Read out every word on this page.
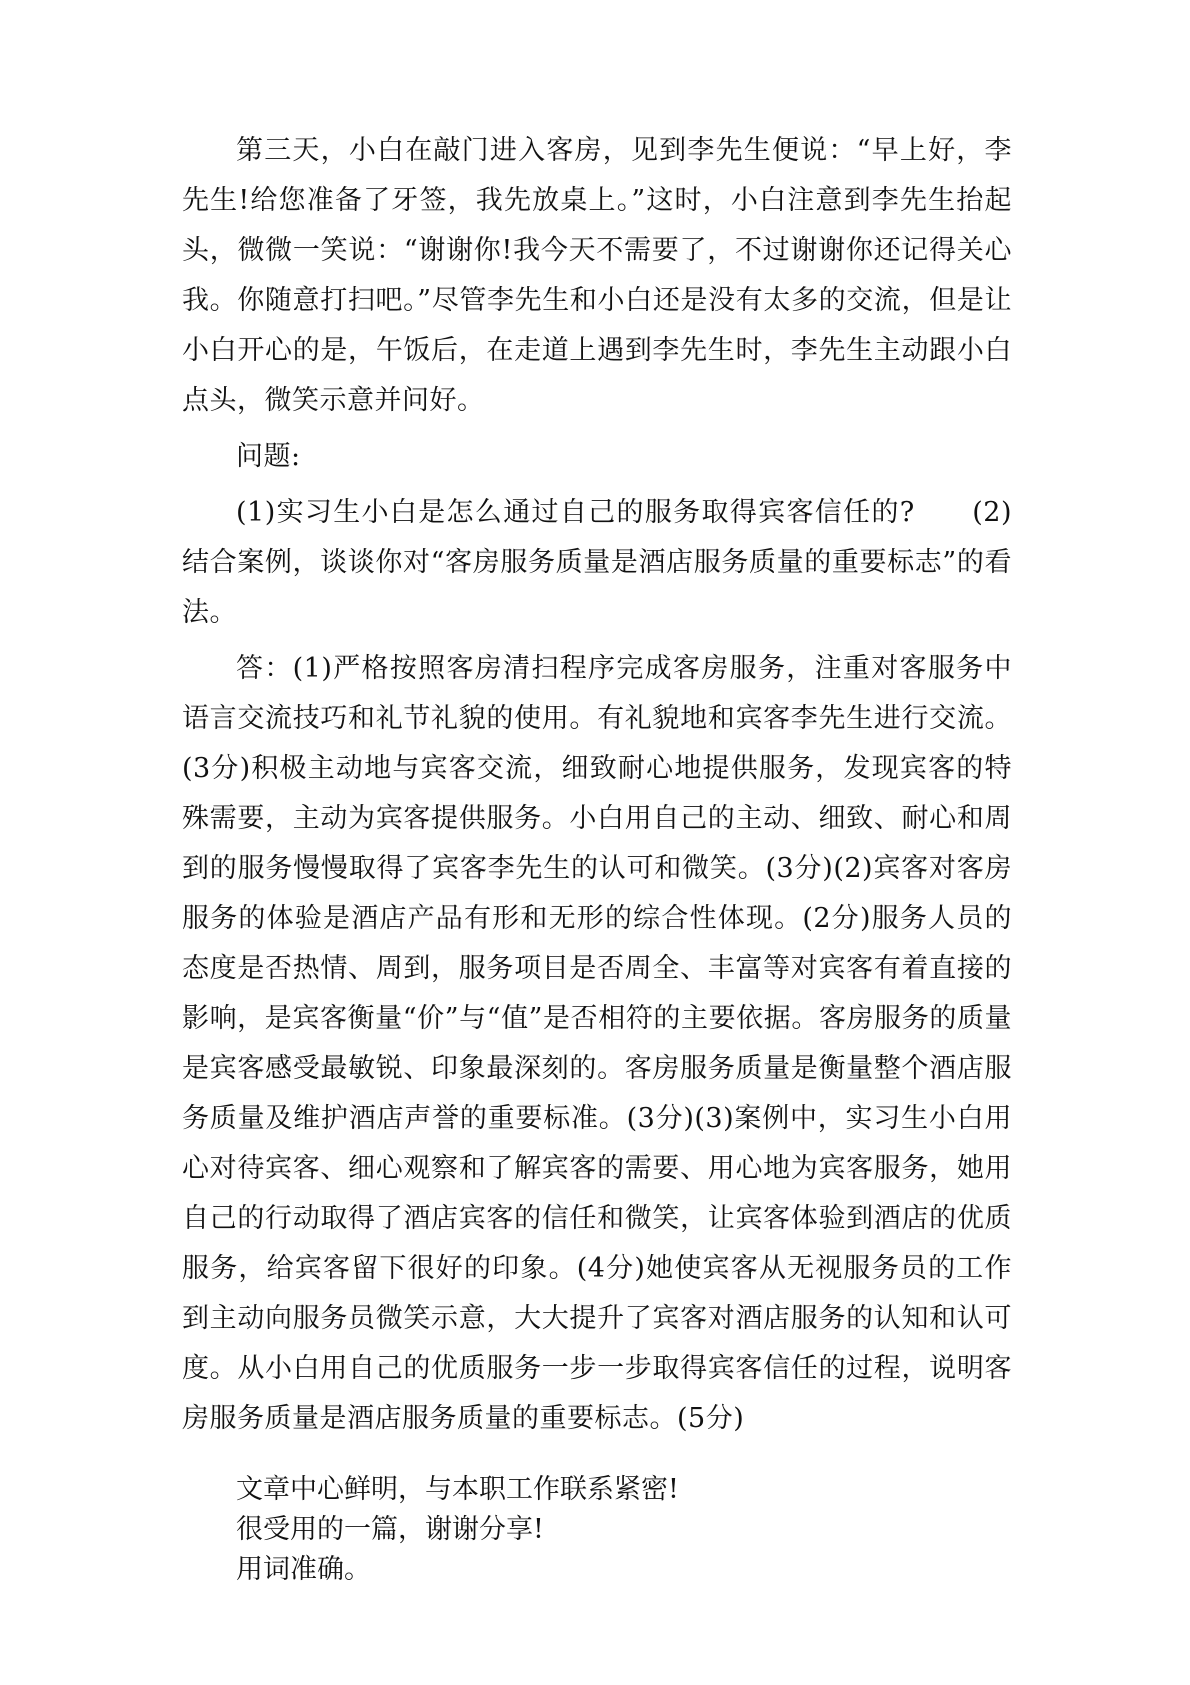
第三天，小白在敲门进入客房，见到李先生便说：“早上好，李先生!给您准备了牙签，我先放桌上。”这时，小白注意到李先生抬起头，微微一笑说：“谢谢你!我今天不需要了，不过谢谢你还记得关心我。你随意打扫吧。”尽管李先生和小白还是没有太多的交流，但是让小白开心的是，午饭后，在走道上遇到李先生时，李先生主动跟小白点头，微笑示意并问好。

问题:

(1)实习生小白是怎么通过自己的服务取得宾客信任的?　　(2)结合案例，谈谈你对“客房服务质量是酒店服务质量的重要标志”的看法。

答：(1)严格按照客房清扫程序完成客房服务，注重对客服务中语言交流技巧和礼节礼貌的使用。有礼貌地和宾客李先生进行交流。(3分)积极主动地与宾客交流，细致耐心地提供服务，发现宾客的特殊需要，主动为宾客提供服务。小白用自己的主动、细致、耐心和周到的服务慢慢取得了宾客李先生的认可和微笑。(3分)(2)宾客对客房服务的体验是酒店产品有形和无形的综合性体现。(2分)服务人员的态度是否热情、周到，服务项目是否周全、丰富等对宾客有着直接的影响，是宾客衡量“价”与“值”是否相符的主要依据。客房服务的质量是宾客感受最敏锐、印象最深刻的。客房服务质量是衡量整个酒店服务质量及维护酒店声誉的重要标准。(3分)(3)案例中，实习生小白用心对待宾客、细心观察和了解宾客的需要、用心地为宾客服务，她用自己的行动取得了酒店宾客的信任和微笑，让宾客体验到酒店的优质服务，给宾客留下很好的印象。(4分)她使宾客从无视服务员的工作到主动向服务员微笑示意，大大提升了宾客对酒店服务的认知和认可度。从小白用自己的优质服务一步一步取得宾客信任的过程，说明客房服务质量是酒店服务质量的重要标志。(5分)

文章中心鲜明，与本职工作联系紧密!
很受用的一篇，谢谢分享!
用词准确。
